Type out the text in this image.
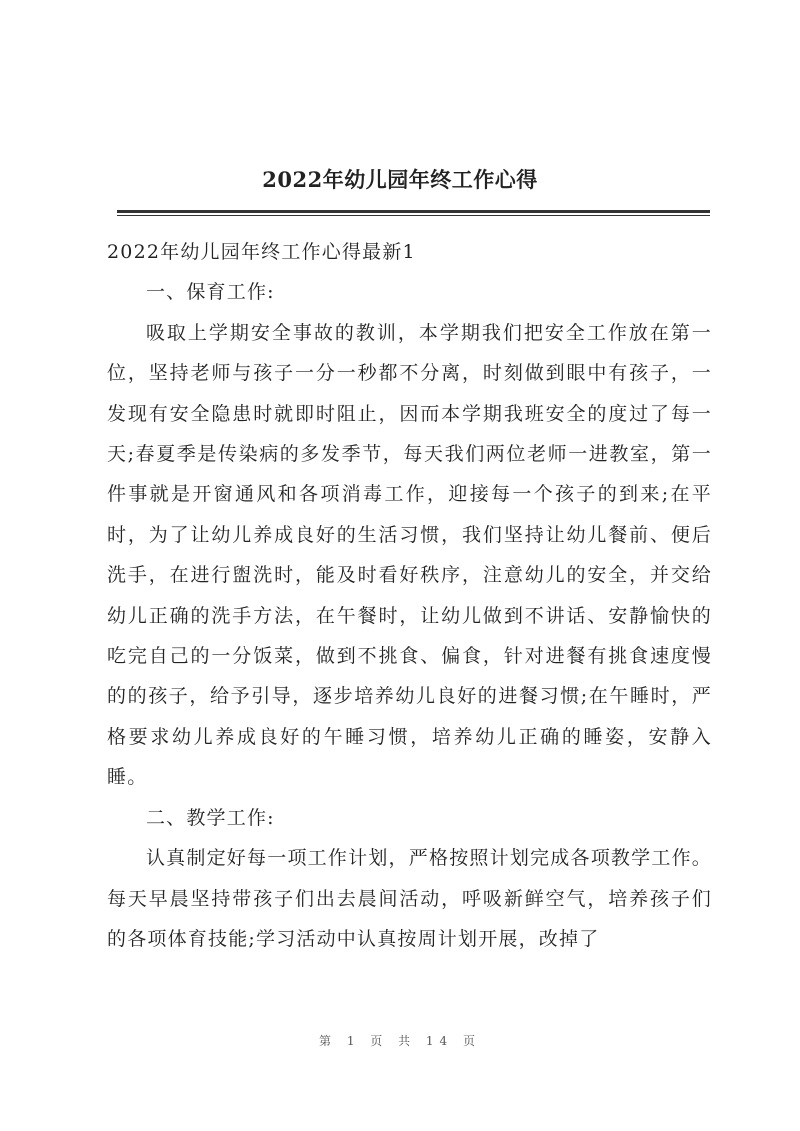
2022年幼儿园年终工作心得

2022年幼儿园年终工作心得最新1

一、保育工作:

吸取上学期安全事故的教训，本学期我们把安全工作放在第一位，坚持老师与孩子一分一秒都不分离，时刻做到眼中有孩子，一发现有安全隐患时就即时阻止，因而本学期我班安全的度过了每一天;春夏季是传染病的多发季节，每天我们两位老师一进教室，第一件事就是开窗通风和各项消毒工作，迎接每一个孩子的到来;在平时，为了让幼儿养成良好的生活习惯，我们坚持让幼儿餐前、便后洗手，在进行盥洗时，能及时看好秩序，注意幼儿的安全，并交给幼儿正确的洗手方法，在午餐时，让幼儿做到不讲话、安静愉快的吃完自己的一分饭菜，做到不挑食、偏食，针对进餐有挑食速度慢的的孩子，给予引导，逐步培养幼儿良好的进餐习惯;在午睡时，严格要求幼儿养成良好的午睡习惯，培养幼儿正确的睡姿，安静入睡。

二、教学工作:

认真制定好每一项工作计划，严格按照计划完成各项教学工作。每天早晨坚持带孩子们出去晨间活动，呼吸新鲜空气，培养孩子们的各项体育技能;学习活动中认真按周计划开展，改掉了

第 1 页 共 14 页
